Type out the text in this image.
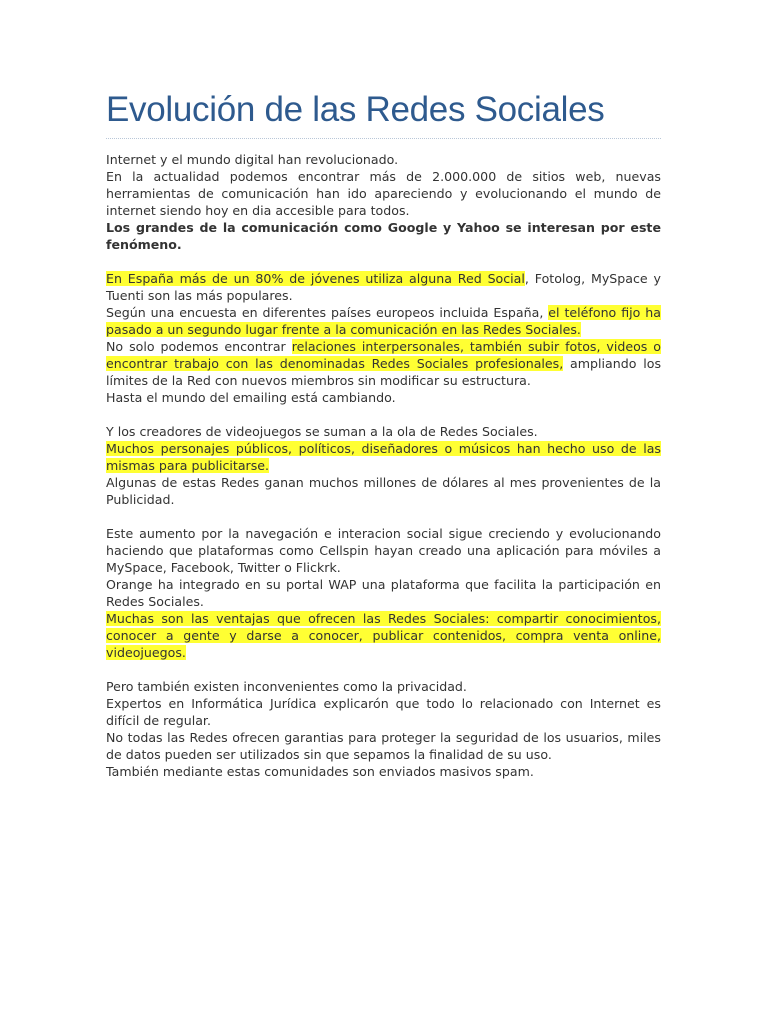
Evolución de las Redes Sociales

Internet y el mundo digital han revolucionado.

En la actualidad podemos encontrar más de 2.000.000 de sitios web, nuevas herramientas de comunicación han ido apareciendo y evolucionando el mundo de internet siendo hoy en dia accesible para todos.

Los grandes de la comunicación como Google y Yahoo se interesan por este fenómeno.

En España más de un 80% de jóvenes utiliza alguna Red Social, Fotolog, MySpace y Tuenti son las más populares.

Según una encuesta en diferentes países europeos incluida España, el teléfono fijo ha pasado a un segundo lugar frente a la comunicación en las Redes Sociales.

No solo podemos encontrar relaciones interpersonales, también subir fotos, videos o encontrar trabajo con las denominadas Redes Sociales profesionales, ampliando los límites de la Red con nuevos miembros sin modificar su estructura.

Hasta el mundo del emailing está cambiando.

Y los creadores de videojuegos se suman a la ola de Redes Sociales.

Muchos personajes públicos, políticos, diseñadores o músicos han hecho uso de las mismas para publicitarse.

Algunas de estas Redes ganan muchos millones de dólares al mes provenientes de la Publicidad.

Este aumento por la navegación e interacion social sigue creciendo y evolucionando haciendo que plataformas como Cellspin hayan creado una aplicación para móviles a MySpace, Facebook, Twitter o Flickrk.

Orange ha integrado en su portal WAP una plataforma que facilita la participación en Redes Sociales.

Muchas son las ventajas que ofrecen las Redes Sociales: compartir conocimientos, conocer a gente y darse a conocer, publicar contenidos, compra venta online, videojuegos.

Pero también existen inconvenientes como la privacidad.

Expertos en Informática Jurídica explicarón que todo lo relacionado con Internet es difícil de regular.

No todas las Redes ofrecen garantias para proteger la seguridad de los usuarios, miles de datos pueden ser utilizados sin que sepamos la finalidad de su uso.

También mediante estas comunidades son enviados masivos spam.
